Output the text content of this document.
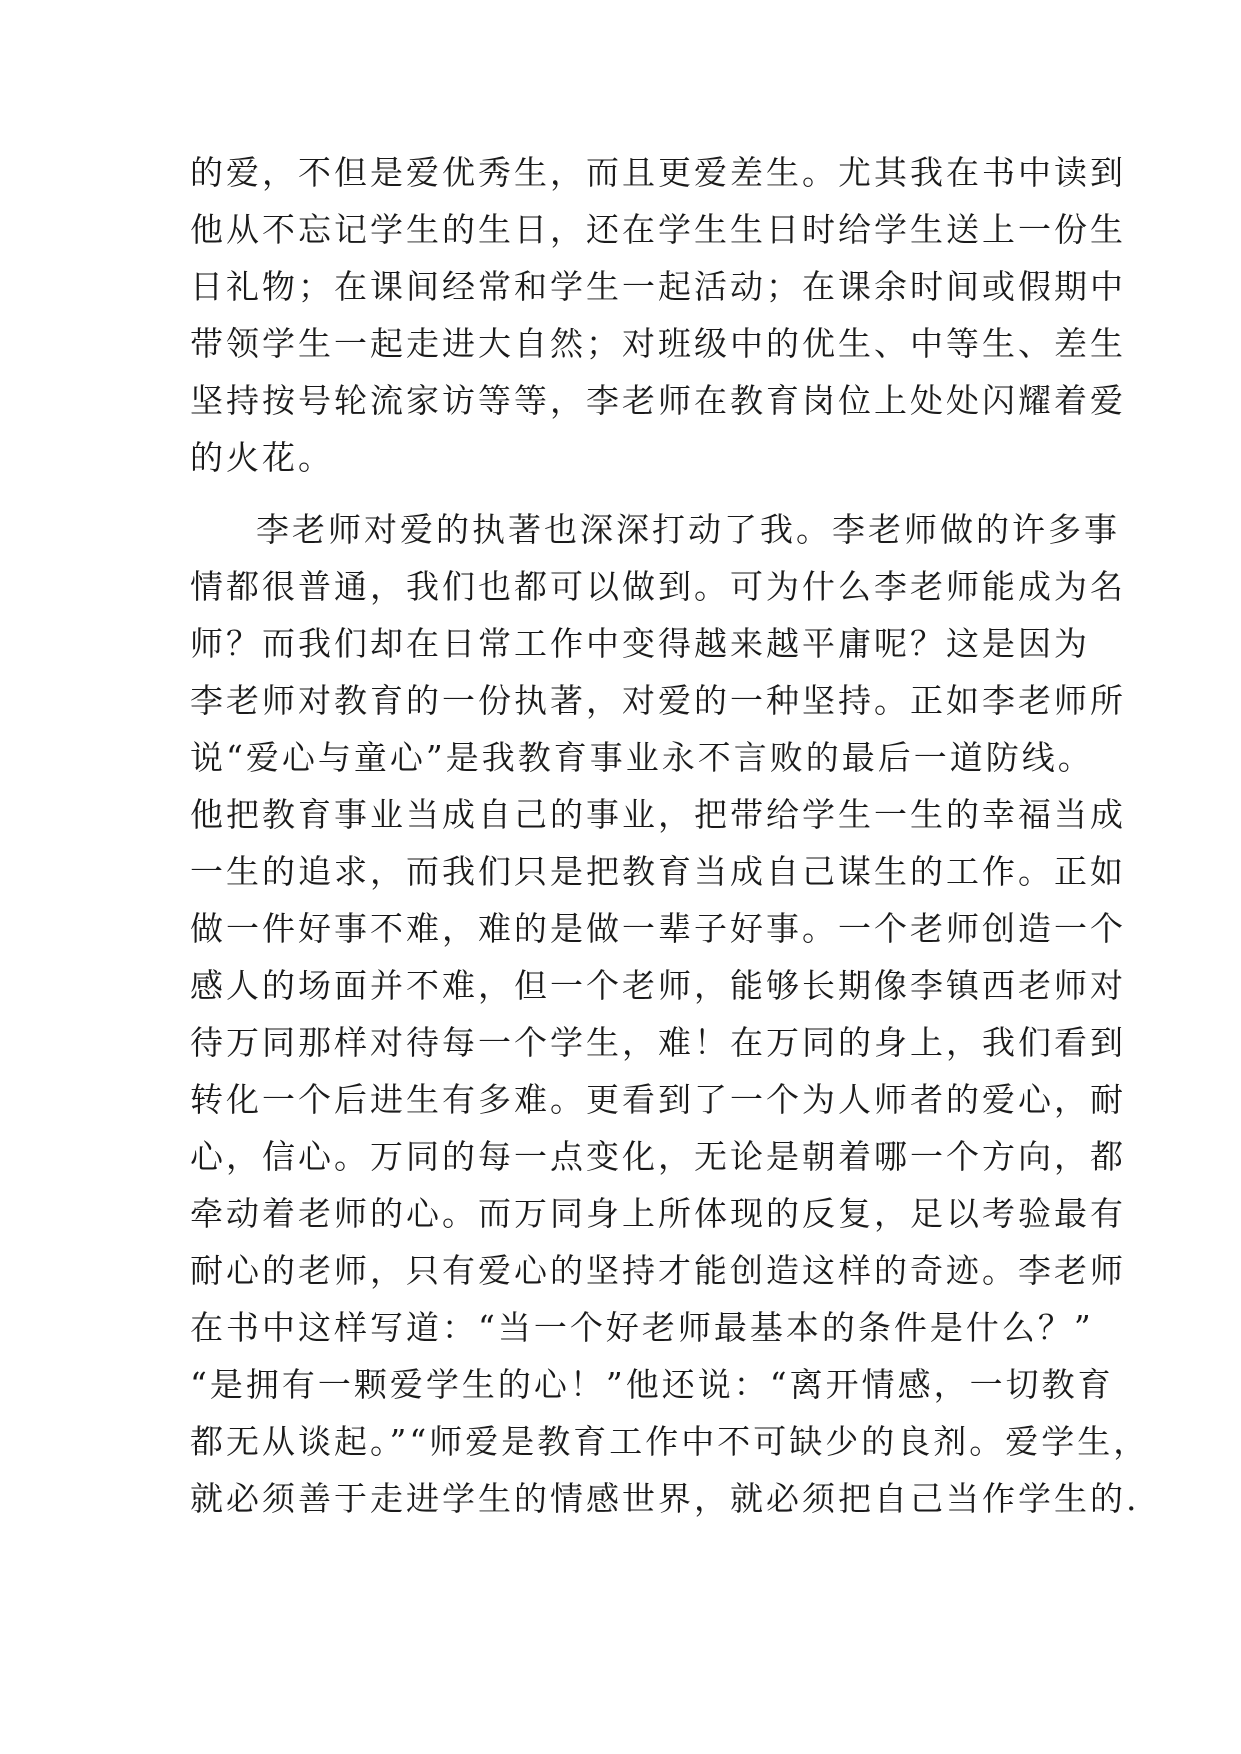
的爱，不但是爱优秀生，而且更爱差生。尤其我在书中读到
他从不忘记学生的生日，还在学生生日时给学生送上一份生
日礼物；在课间经常和学生一起活动；在课余时间或假期中
带领学生一起走进大自然；对班级中的优生、中等生、差生
坚持按号轮流家访等等，李老师在教育岗位上处处闪耀着爱
的火花。
李老师对爱的执著也深深打动了我。李老师做的许多事
情都很普通，我们也都可以做到。可为什么李老师能成为名
师？而我们却在日常工作中变得越来越平庸呢？这是因为
李老师对教育的一份执著，对爱的一种坚持。正如李老师所
说“爱心与童心”是我教育事业永不言败的最后一道防线。
他把教育事业当成自己的事业，把带给学生一生的幸福当成
一生的追求，而我们只是把教育当成自己谋生的工作。正如
做一件好事不难，难的是做一辈子好事。一个老师创造一个
感人的场面并不难，但一个老师，能够长期像李镇西老师对
待万同那样对待每一个学生，难！在万同的身上，我们看到
转化一个后进生有多难。更看到了一个为人师者的爱心，耐
心，信心。万同的每一点变化，无论是朝着哪一个方向，都
牵动着老师的心。而万同身上所体现的反复，足以考验最有
耐心的老师，只有爱心的坚持才能创造这样的奇迹。李老师
在书中这样写道：“当一个好老师最基本的条件是什么？”
“是拥有一颗爱学生的心！”他还说：“离开情感，一切教育
都无从谈起。”“师爱是教育工作中不可缺少的良剂。爱学生，
就必须善于走进学生的情感世界，就必须把自己当作学生的.
